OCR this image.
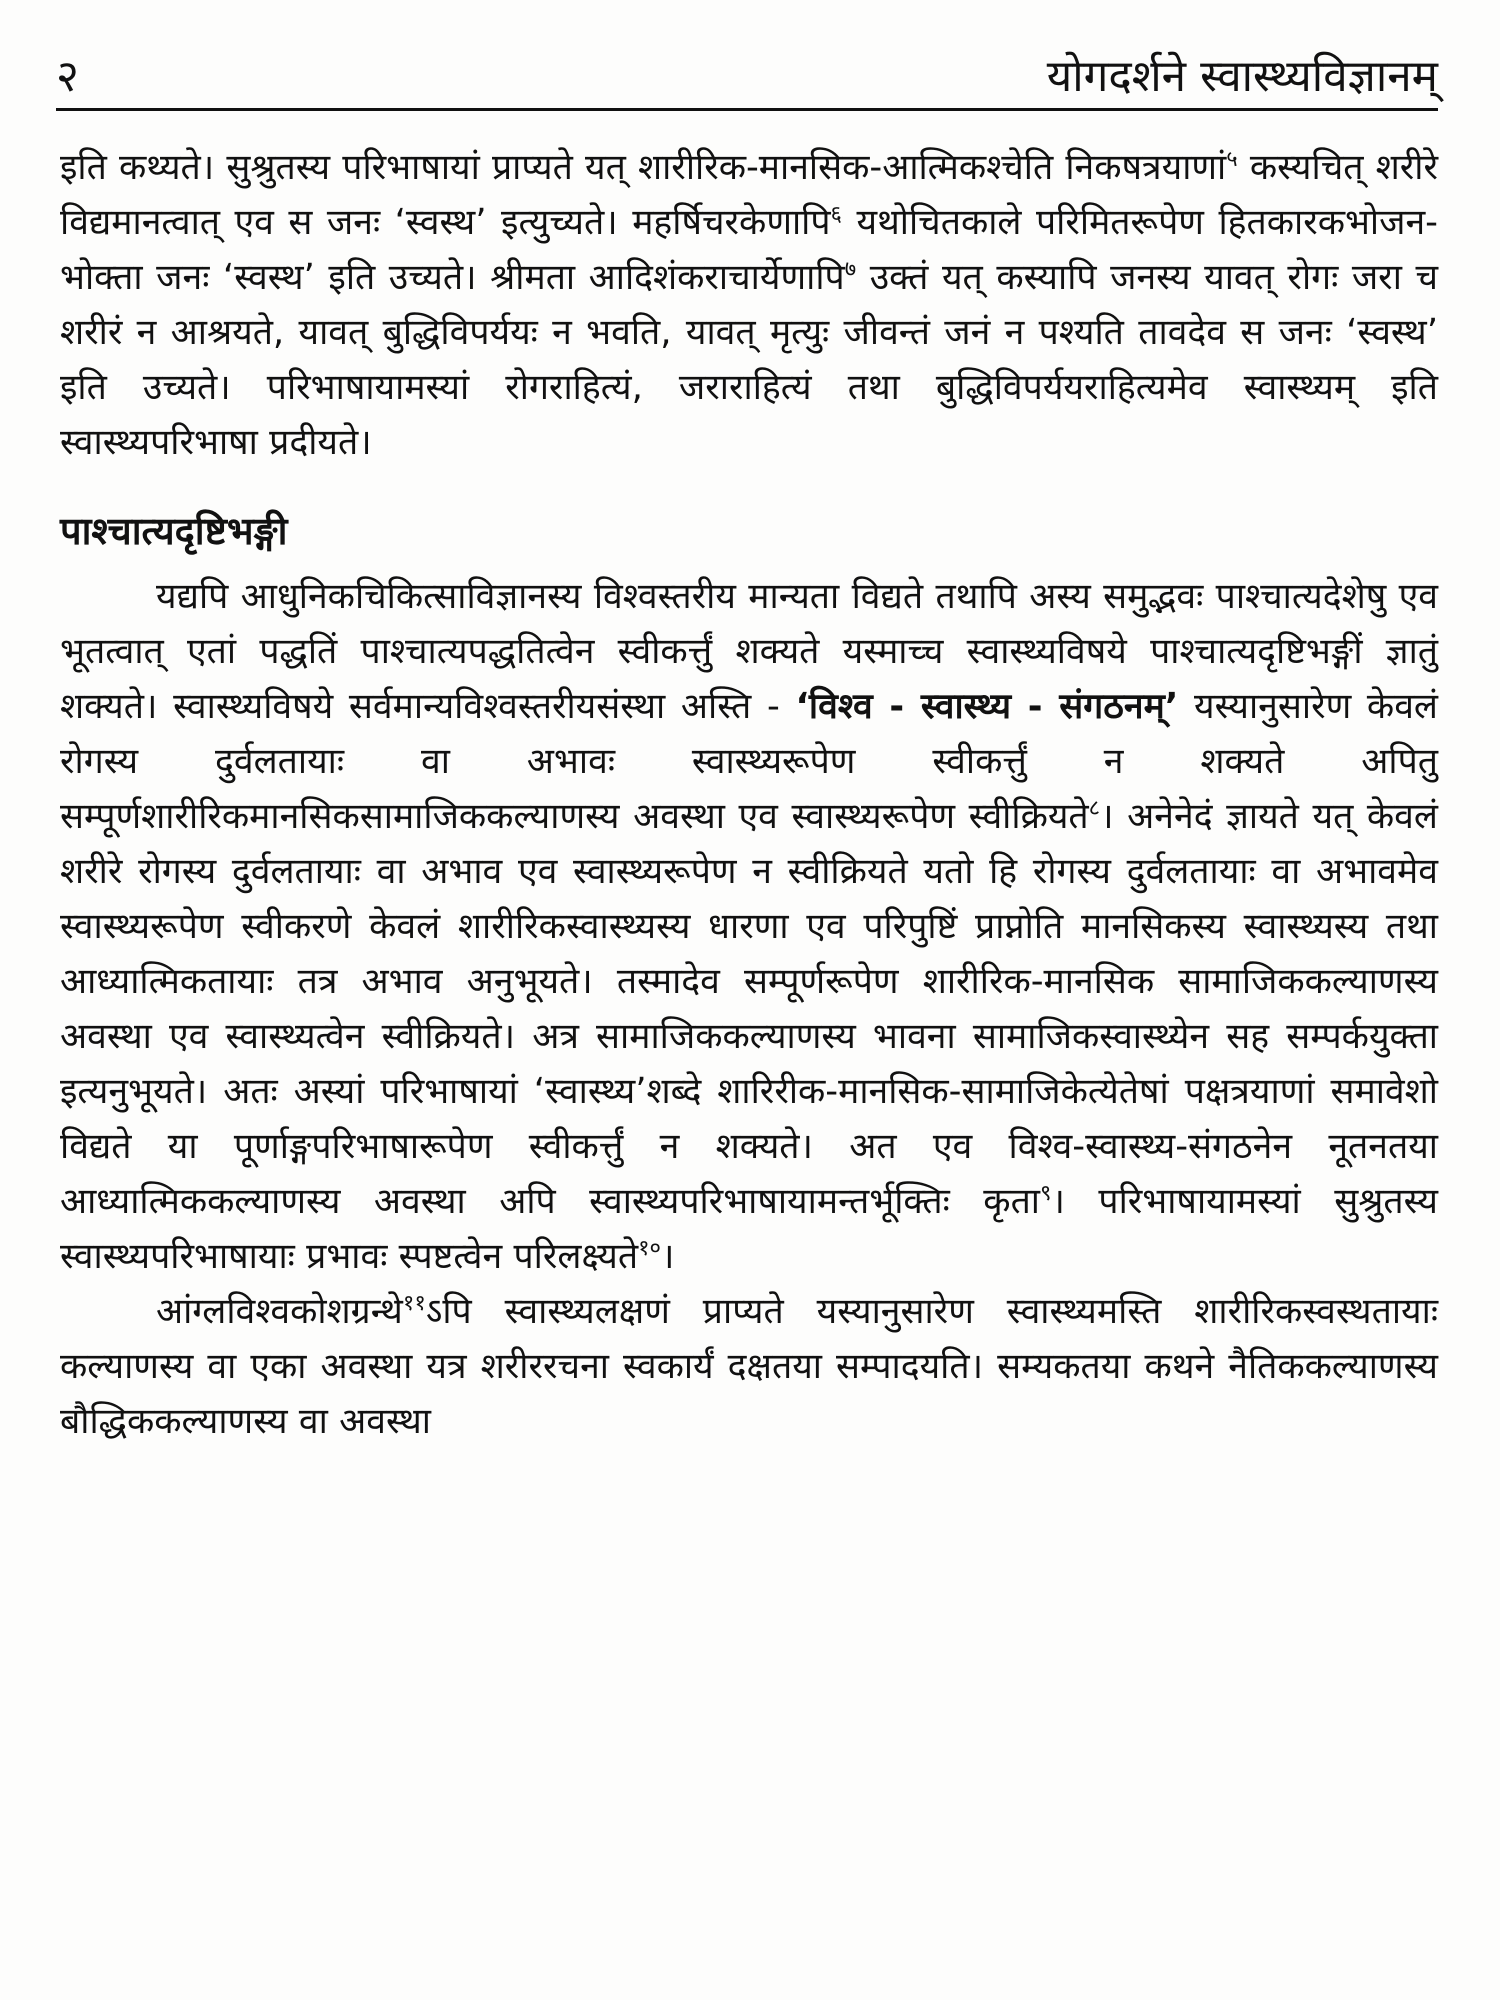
२	योगदर्शने स्वास्थ्यविज्ञानम्

इति कथ्यते। सुश्रुतस्य परिभाषायां प्राप्यते यत् शारीरिक-मानसिक-आत्मिकश्चेति निकषत्रयाणां$^५$ कस्यचित् शरीरे विद्यमानत्वात् एव स जनः ‘स्वस्थ’ इत्युच्यते। महर्षिचरकेणापि$^६$ यथोचितकाले परिमितरूपेण हितकारकभोजन-भोक्ता जनः ‘स्वस्थ’ इति उच्यते। श्रीमता आदिशंकराचार्येणापि$^७$ उक्तं यत् कस्यापि जनस्य यावत् रोगः जरा च शरीरं न आश्रयते, यावत् बुद्धिविपर्ययः न भवति, यावत् मृत्युः जीवन्तं जनं न पश्यति तावदेव स जनः ‘स्वस्थ’ इति उच्यते। परिभाषायामस्यां रोगराहित्यं, जराराहित्यं तथा बुद्धिविपर्ययराहित्यमेव स्वास्थ्यम् इति स्वास्थ्यपरिभाषा प्रदीयते।

पाश्चात्यदृष्टिभङ्गी

यद्यपि आधुनिकचिकित्साविज्ञानस्य विश्वस्तरीय मान्यता विद्यते तथापि अस्य समुद्भवः पाश्चात्यदेशेषु एव भूतत्वात् एतां पद्धतिं पाश्चात्यपद्धतित्वेन स्वीकर्त्तुं शक्यते यस्माच्च स्वास्थ्यविषये पाश्चात्यदृष्टिभङ्गीं ज्ञातुं शक्यते। स्वास्थ्यविषये सर्वमान्यविश्वस्तरीयसंस्था अस्ति - ‘विश्व - स्वास्थ्य - संगठनम्’ यस्यानुसारेण केवलं रोगस्य दुर्वलतायाः वा अभावः स्वास्थ्यरूपेण स्वीकर्त्तुं न शक्यते अपितु सम्पूर्णशारीरिकमानसिकसामाजिककल्याणस्य अवस्था एव स्वास्थ्यरूपेण स्वीक्रियते$^८$। अनेनेदं ज्ञायते यत् केवलं शरीरे रोगस्य दुर्वलतायाः वा अभाव एव स्वास्थ्यरूपेण न स्वीक्रियते यतो हि रोगस्य दुर्वलतायाः वा अभावमेव स्वास्थ्यरूपेण स्वीकरणे केवलं शारीरिकस्वास्थ्यस्य धारणा एव परिपुष्टिं प्राप्नोति मानसिकस्य स्वास्थ्यस्य तथा आध्यात्मिकतायाः तत्र अभाव अनुभूयते। तस्मादेव सम्पूर्णरूपेण शारीरिक-मानसिक सामाजिककल्याणस्य अवस्था एव स्वास्थ्यत्वेन स्वीक्रियते। अत्र सामाजिककल्याणस्य भावना सामाजिकस्वास्थ्येन सह सम्पर्कयुक्ता इत्यनुभूयते। अतः अस्यां परिभाषायां ‘स्वास्थ्य’शब्दे शारिरीक-मानसिक-सामाजिकेत्येतेषां पक्षत्रयाणां समावेशो विद्यते या पूर्णाङ्गपरिभाषारूपेण स्वीकर्त्तुं न शक्यते। अत एव विश्व-स्वास्थ्य-संगठनेन नूतनतया आध्यात्मिककल्याणस्य अवस्था अपि स्वास्थ्यपरिभाषायामन्तर्भूक्तिः कृता$^९$। परिभाषायामस्यां सुश्रुतस्य स्वास्थ्यपरिभाषायाः प्रभावः स्पष्टत्वेन परिलक्ष्यते$^{१०}$।

आंग्लविश्वकोशग्रन्थे$^{११}$ऽपि स्वास्थ्यलक्षणं प्राप्यते यस्यानुसारेण स्वास्थ्यमस्ति शारीरिकस्वस्थतायाः कल्याणस्य वा एका अवस्था यत्र शरीररचना स्वकार्यं दक्षतया सम्पादयति। सम्यकतया कथने नैतिककल्याणस्य बौद्धिककल्याणस्य वा अवस्था
